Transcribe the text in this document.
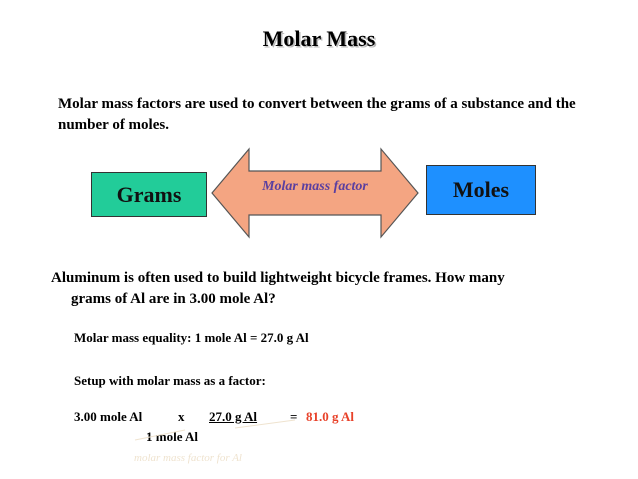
Molar Mass
Molar mass factors are used to convert between the grams of a substance and the number of moles.
Grams	Molar mass factor	Moles
Aluminum is often used to build lightweight bicycle frames. How many
grams of Al are in 3.00 mole Al?
Molar mass equality: 1 mole Al = 27.0 g Al
Setup with molar mass as a factor:
3.00 mole Al	x 27.0 g Al	= 81.0 g Al
1 mole Al
molar mass factor for Al
